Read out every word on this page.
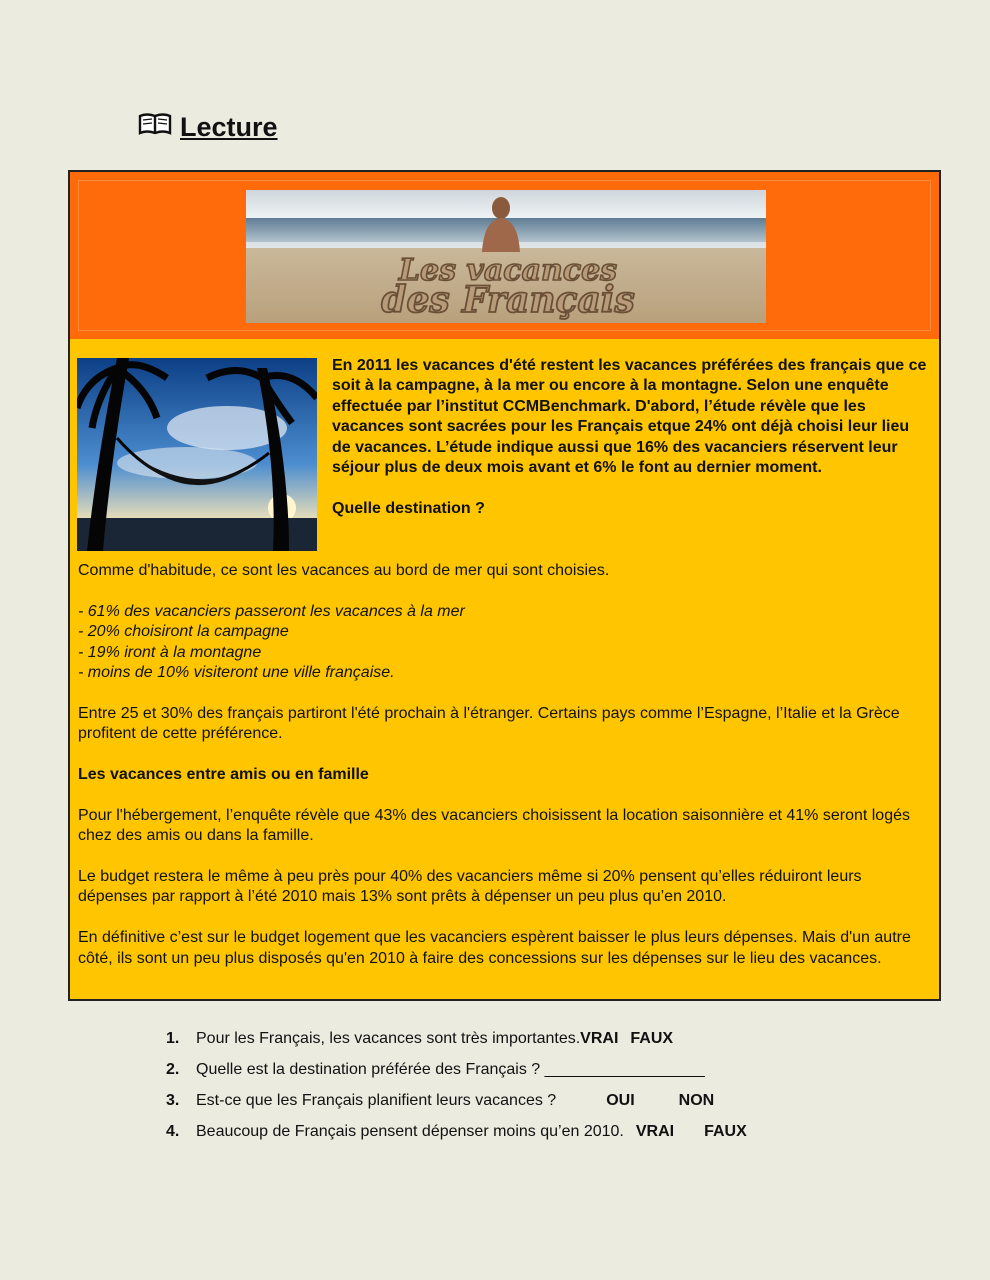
Lecture
Les vacances
des Français

En 2011 les vacances d'été restent les vacances préférées des français que ce soit à la campagne, à la mer ou encore à la montagne. Selon une enquête effectuée par l’institut CCMBenchmark. D'abord, l’étude révèle que les vacances sont sacrées pour les Français etque 24% ont déjà choisi leur lieu de vacances. L’étude indique aussi que 16% des vacanciers réservent leur séjour plus de deux mois avant et 6% le font au dernier moment.

Quelle destination ?

Comme d'habitude, ce sont les vacances au bord de mer qui sont choisies.

- 61% des vacanciers passeront les vacances à la mer
- 20% choisiront la campagne
- 19% iront à la montagne
- moins de 10% visiteront une ville française.

Entre 25 et 30% des français partiront l'été prochain à l'étranger. Certains pays comme l’Espagne, l’Italie et la Grèce profitent de cette préférence.

Les vacances entre amis ou en famille

Pour l'hébergement, l’enquête révèle que 43% des vacanciers choisissent la location saisonnière et 41% seront logés chez des amis ou dans la famille.

Le budget restera le même à peu près pour 40% des vacanciers même si 20% pensent qu’elles réduiront leurs dépenses par rapport à l’été 2010 mais 13% sont prêts à dépenser un peu plus qu’en 2010.

En définitive c’est sur le budget logement que les vacanciers espèrent baisser le plus leurs dépenses. Mais d'un autre côté, ils sont un peu plus disposés qu'en 2010 à faire des concessions sur les dépenses sur le lieu des vacances.

1.	Pour les Français, les vacances sont très importantes. VRAI FAUX
2.	Quelle est la destination préférée des Français ? __________________
3.	Est-ce que les Français planifient leurs vacances ?	OUI	NON
4.	Beaucoup de Français pensent dépenser moins qu’en 2010. VRAI FAUX
